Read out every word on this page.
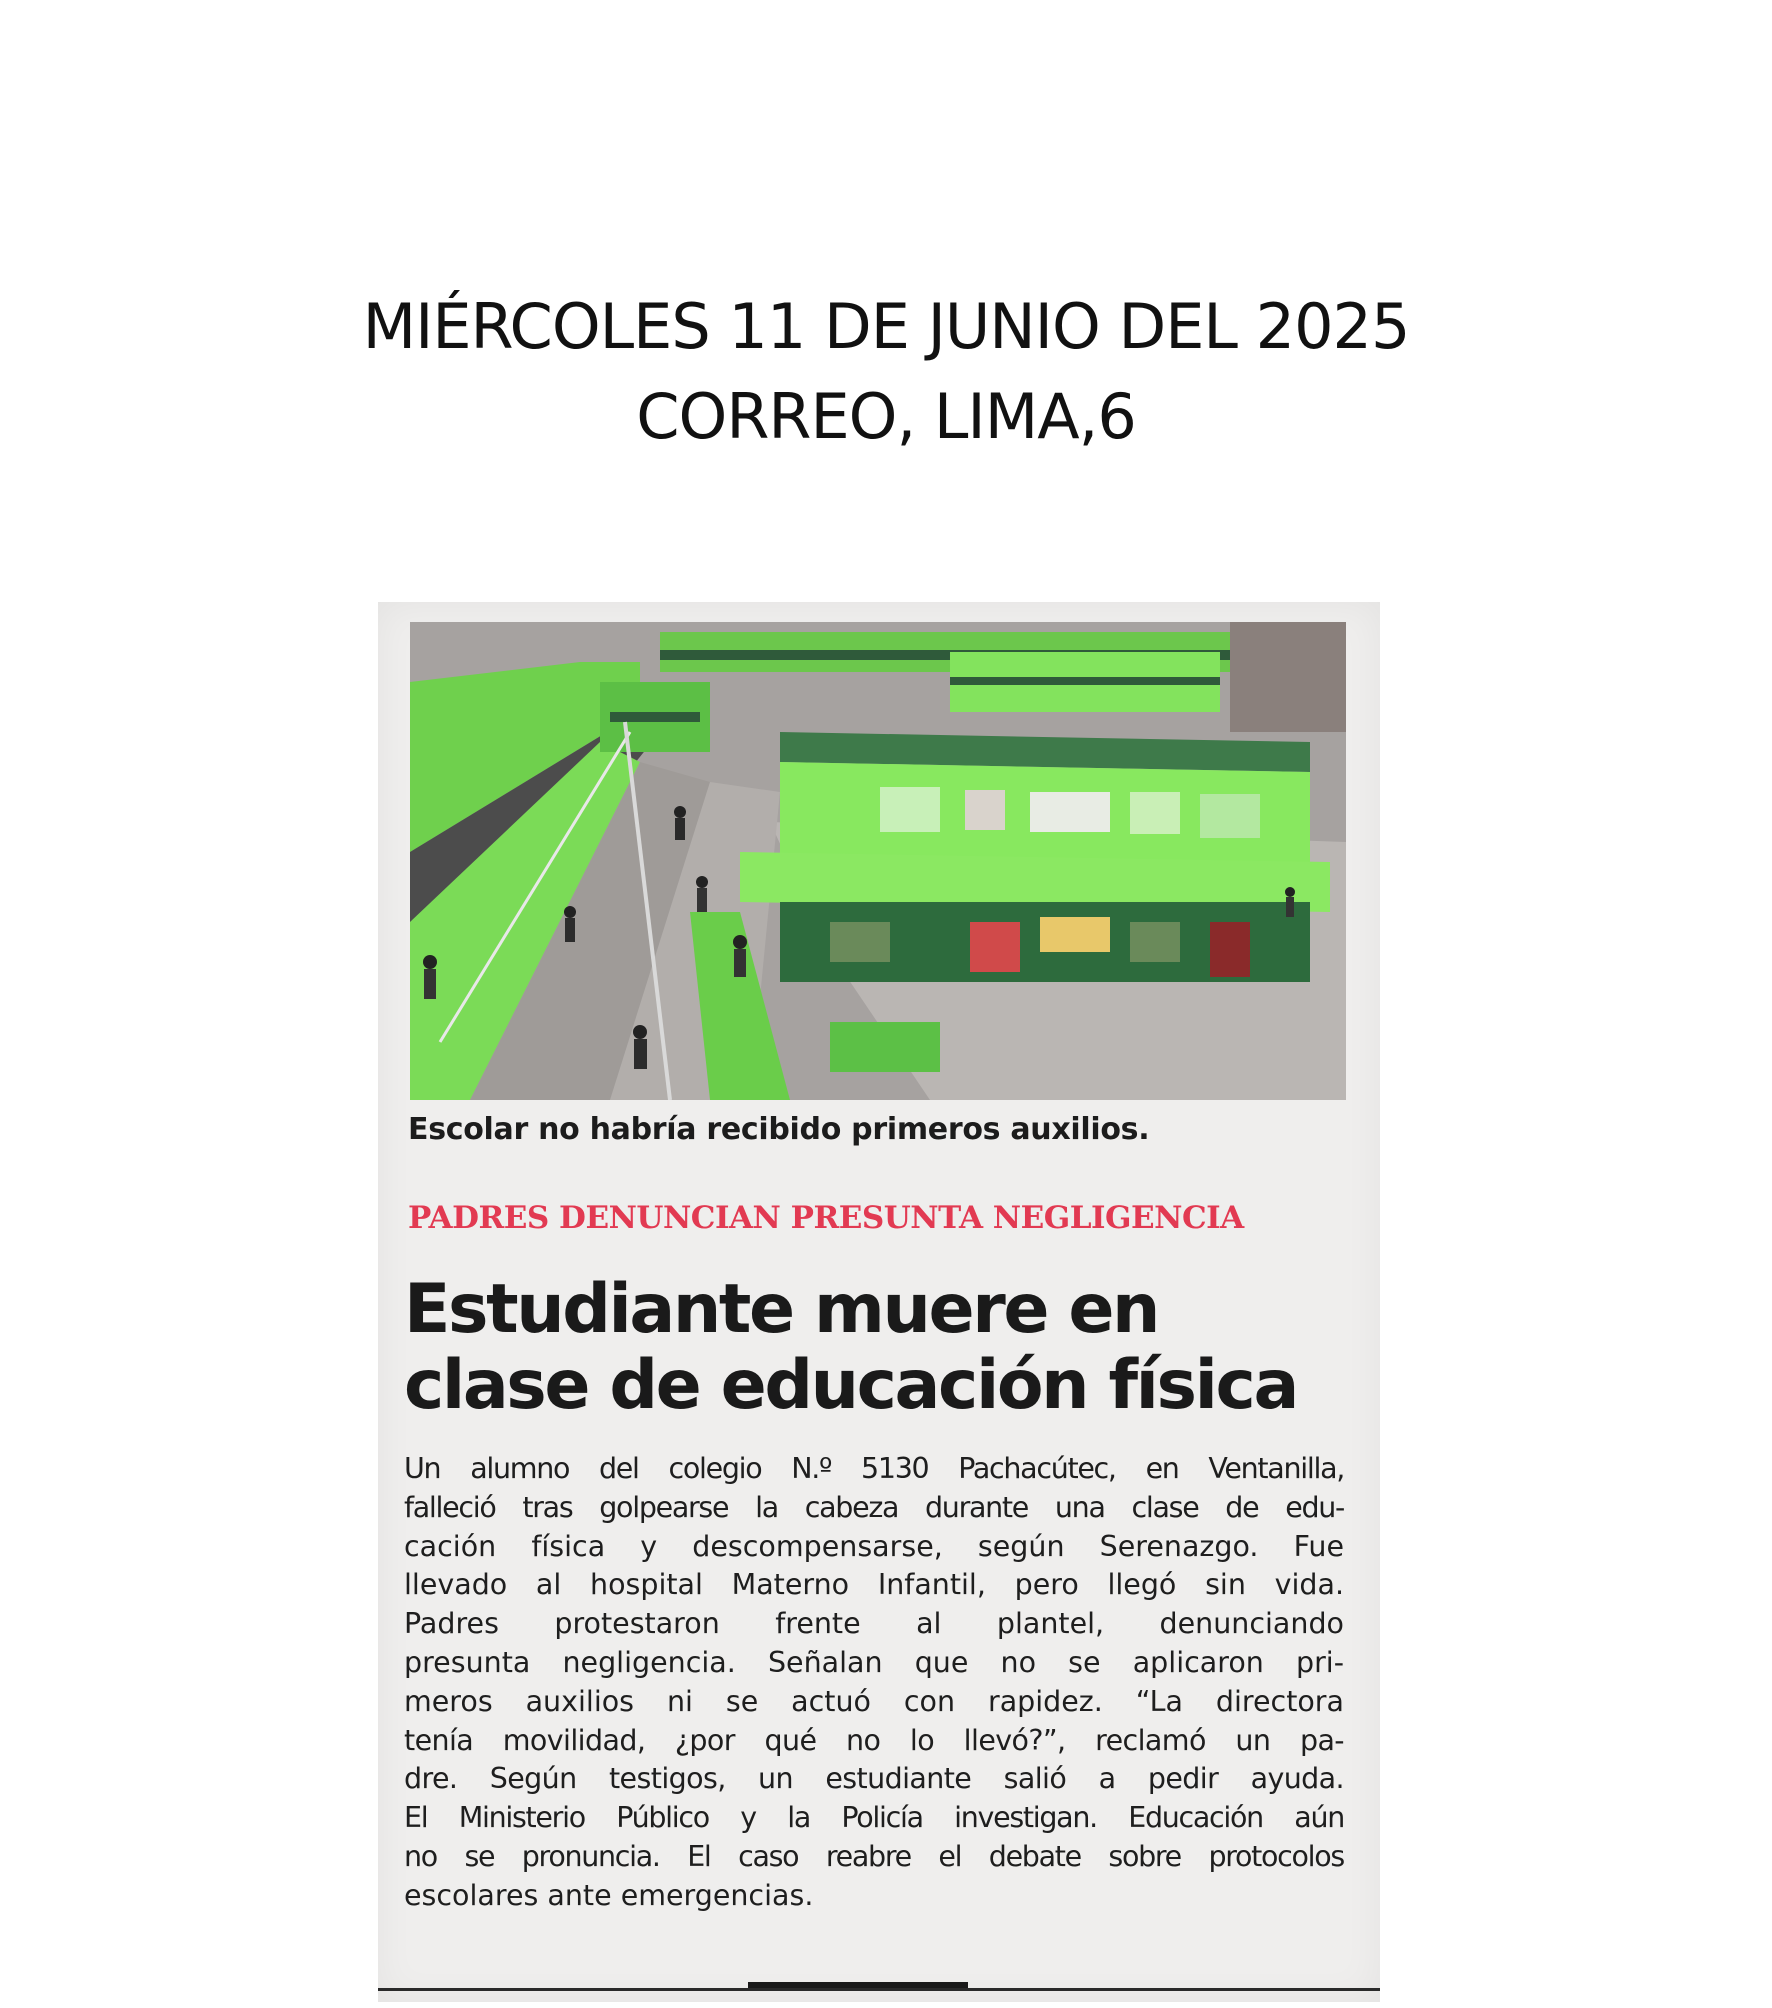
MIÉRCOLES 11 DE JUNIO DEL 2025
CORREO, LIMA,6
Escolar no habría recibido primeros auxilios.
PADRES DENUNCIAN PRESUNTA NEGLIGENCIA
Estudiante muere en
clase de educación física
Un alumno del colegio N.º 5130 Pachacútec, en Ventanilla,
falleció tras golpearse la cabeza durante una clase de edu-
cación física y descompensarse, según Serenazgo. Fue
llevado al hospital Materno Infantil, pero llegó sin vida.
Padres protestaron frente al plantel, denunciando
presunta negligencia. Señalan que no se aplicaron pri-
meros auxilios ni se actuó con rapidez. “La directora
tenía movilidad, ¿por qué no lo llevó?”, reclamó un pa-
dre. Según testigos, un estudiante salió a pedir ayuda.
El Ministerio Público y la Policía investigan. Educación aún
no se pronuncia. El caso reabre el debate sobre protocolos
escolares ante emergencias.
